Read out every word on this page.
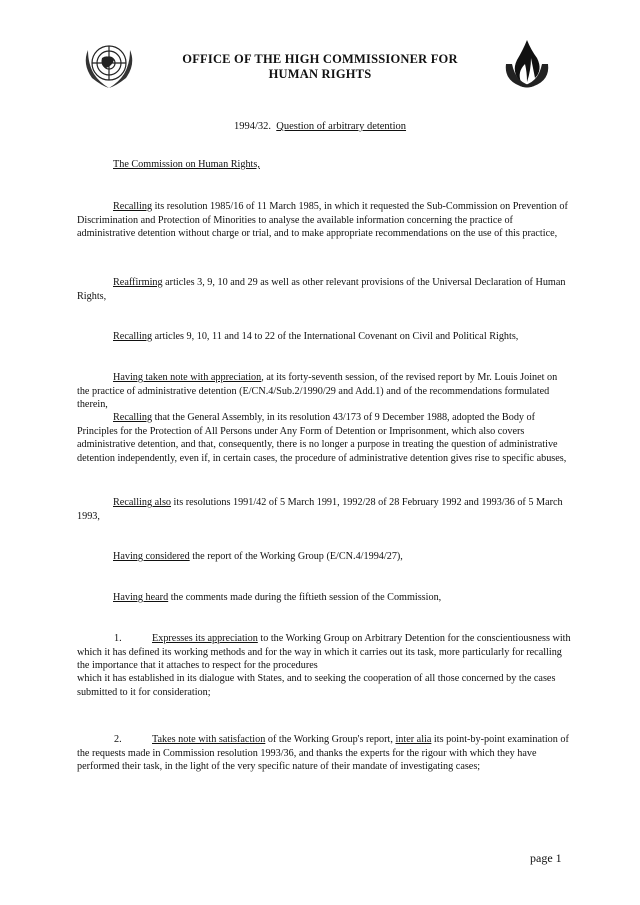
OFFICE OF THE HIGH COMMISSIONER FOR
HUMAN RIGHTS
1994/32. Question of arbitrary detention
The Commission on Human Rights,
Recalling its resolution 1985/16 of 11 March 1985, in which it requested the Sub-Commission on Prevention of Discrimination and Protection of Minorities to analyse the available information concerning the practice of administrative detention without charge or trial, and to make appropriate recommendations on the use of this practice,
Reaffirming articles 3, 9, 10 and 29 as well as other relevant provisions of the Universal Declaration of Human Rights,
Recalling articles 9, 10, 11 and 14 to 22 of the International Covenant on Civil and Political Rights,
Having taken note with appreciation, at its forty-seventh session, of the revised report by Mr. Louis Joinet on the practice of administrative detention (E/CN.4/Sub.2/1990/29 and Add.1) and of the recommendations formulated therein,
Recalling that the General Assembly, in its resolution 43/173 of 9 December 1988, adopted the Body of Principles for the Protection of All Persons under Any Form of Detention or Imprisonment, which also covers administrative detention, and that, consequently, there is no longer a purpose in treating the question of administrative detention independently, even if, in certain cases, the procedure of administrative detention gives rise to specific abuses,
Recalling also its resolutions 1991/42 of 5 March 1991, 1992/28 of 28 February 1992 and 1993/36 of 5 March 1993,
Having considered the report of the Working Group (E/CN.4/1994/27),
Having heard the comments made during the fiftieth session of the Commission,
1.	Expresses its appreciation to the Working Group on Arbitrary Detention for the conscientiousness with which it has defined its working methods and for the way in which it carries out its task, more particularly for recalling the importance that it attaches to respect for the procedures
which it has established in its dialogue with States, and to seeking the cooperation of all those concerned by the cases submitted to it for consideration;
2.	Takes note with satisfaction of the Working Group's report, inter alia its point-by-point examination of the requests made in Commission resolution 1993/36, and thanks the experts for the rigour with which they have performed their task, in the light of the very specific nature of their mandate of investigating cases;
page 1
